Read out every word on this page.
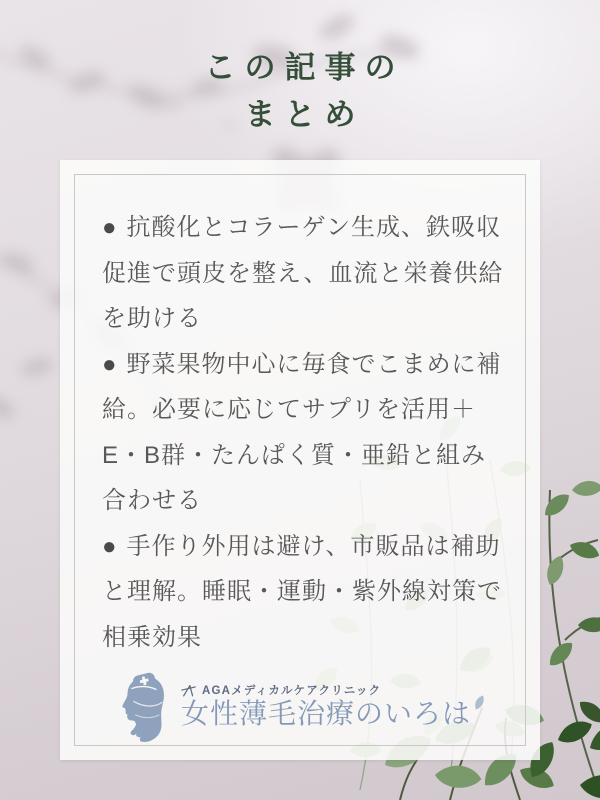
この記事の
まとめ

● 抗酸化とコラーゲン生成、鉄吸収
促進で頭皮を整え、血流と栄養供給
を助ける

● 野菜果物中心に毎食でこまめに補
給。必要に応じてサプリを活用＋
E・B群・たんぱく質・亜鉛と組み
合わせる

● 手作り外用は避け、市販品は補助
と理解。睡眠・運動・紫外線対策で
相乗効果

AGAメディカルケアクリニック
女性薄毛治療のいろは
